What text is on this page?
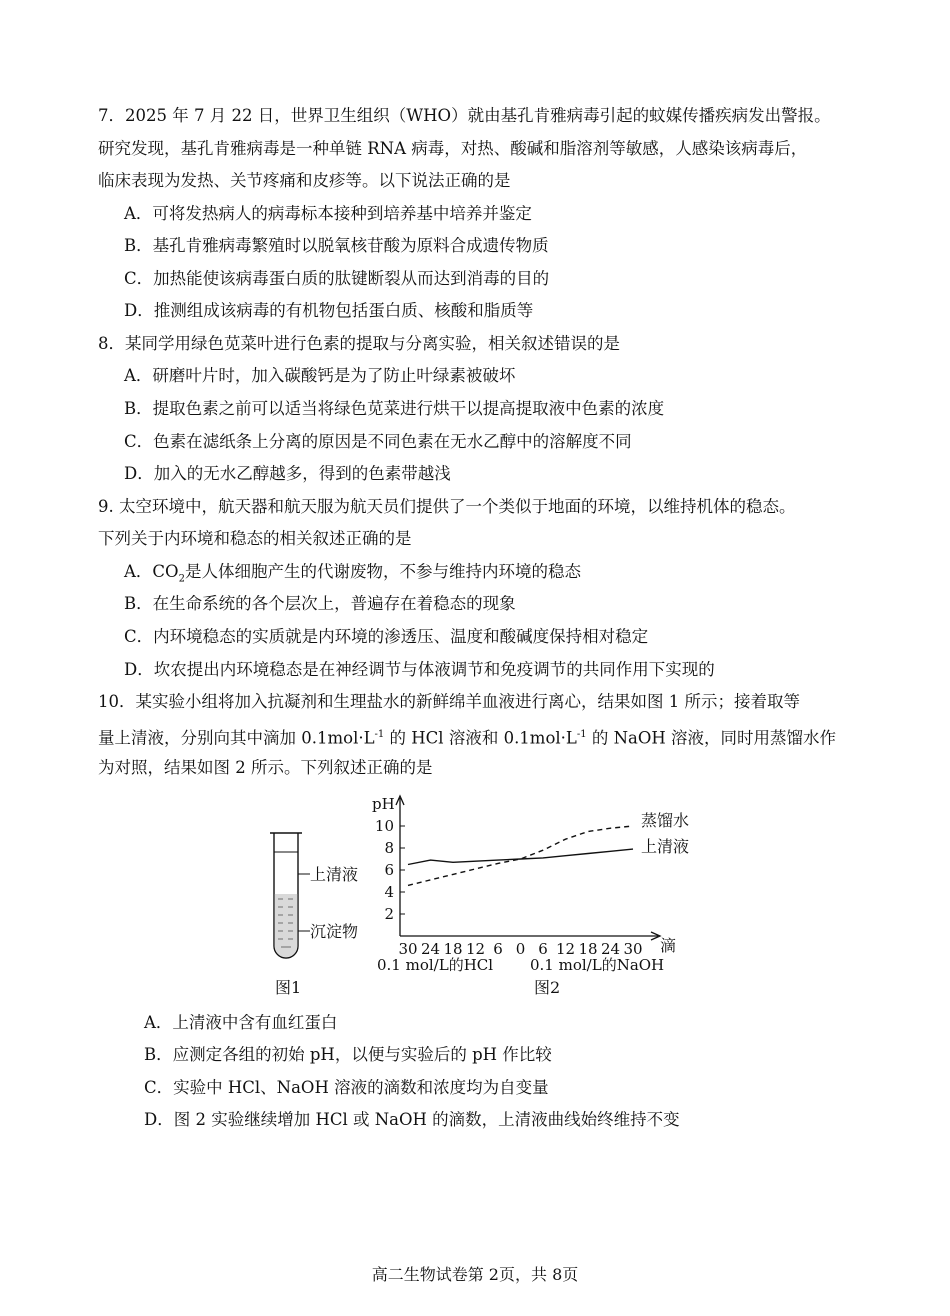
7．2025 年 7 月 22 日，世界卫生组织（WHO）就由基孔肯雅病毒引起的蚊媒传播疾病发出警报。
研究发现，基孔肯雅病毒是一种单链 RNA 病毒，对热、酸碱和脂溶剂等敏感，人感染该病毒后，
临床表现为发热、关节疼痛和皮疹等。以下说法正确的是
A．可将发热病人的病毒标本接种到培养基中培养并鉴定
B．基孔肯雅病毒繁殖时以脱氧核苷酸为原料合成遗传物质
C．加热能使该病毒蛋白质的肽键断裂从而达到消毒的目的
D．推测组成该病毒的有机物包括蛋白质、核酸和脂质等
8．某同学用绿色苋菜叶进行色素的提取与分离实验，相关叙述错误的是
A．研磨叶片时，加入碳酸钙是为了防止叶绿素被破坏
B．提取色素之前可以适当将绿色苋菜进行烘干以提高提取液中色素的浓度
C．色素在滤纸条上分离的原因是不同色素在无水乙醇中的溶解度不同
D．加入的无水乙醇越多，得到的色素带越浅
9. 太空环境中，航天器和航天服为航天员们提供了一个类似于地面的环境，以维持机体的稳态。
下列关于内环境和稳态的相关叙述正确的是
A．$CO_2$是人体细胞产生的代谢废物，不参与维持内环境的稳态
B．在生命系统的各个层次上，普遍存在着稳态的现象
C．内环境稳态的实质就是内环境的渗透压、温度和酸碱度保持相对稳定
D．坎农提出内环境稳态是在神经调节与体液调节和免疫调节的共同作用下实现的
10．某实验小组将加入抗凝剂和生理盐水的新鲜绵羊血液进行离心，结果如图 1 所示；接着取等
量上清液，分别向其中滴加 $0.1mol\cdot L^{-1}$ 的 HCl 溶液和 $0.1mol\cdot L^{-1}$ 的 NaOH 溶液，同时用蒸馏水作
为对照，结果如图 2 所示。下列叙述正确的是
上清液
沉淀物
图1
pH
滴
0.1 mol/L的HCl 0.1 mol/L的NaOH
图2
2
4
6
8
10
30 24 18 12 6 0 6 12 18 24 30
蒸馏水
上清液
A．上清液中含有血红蛋白
B．应测定各组的初始 pH，以便与实验后的 pH 作比较
C．实验中 HCl、NaOH 溶液的滴数和浓度均为自变量
D．图 2 实验继续增加 HCl 或 NaOH 的滴数，上清液曲线始终维持不变
高二生物试卷第 2页，共 8页
